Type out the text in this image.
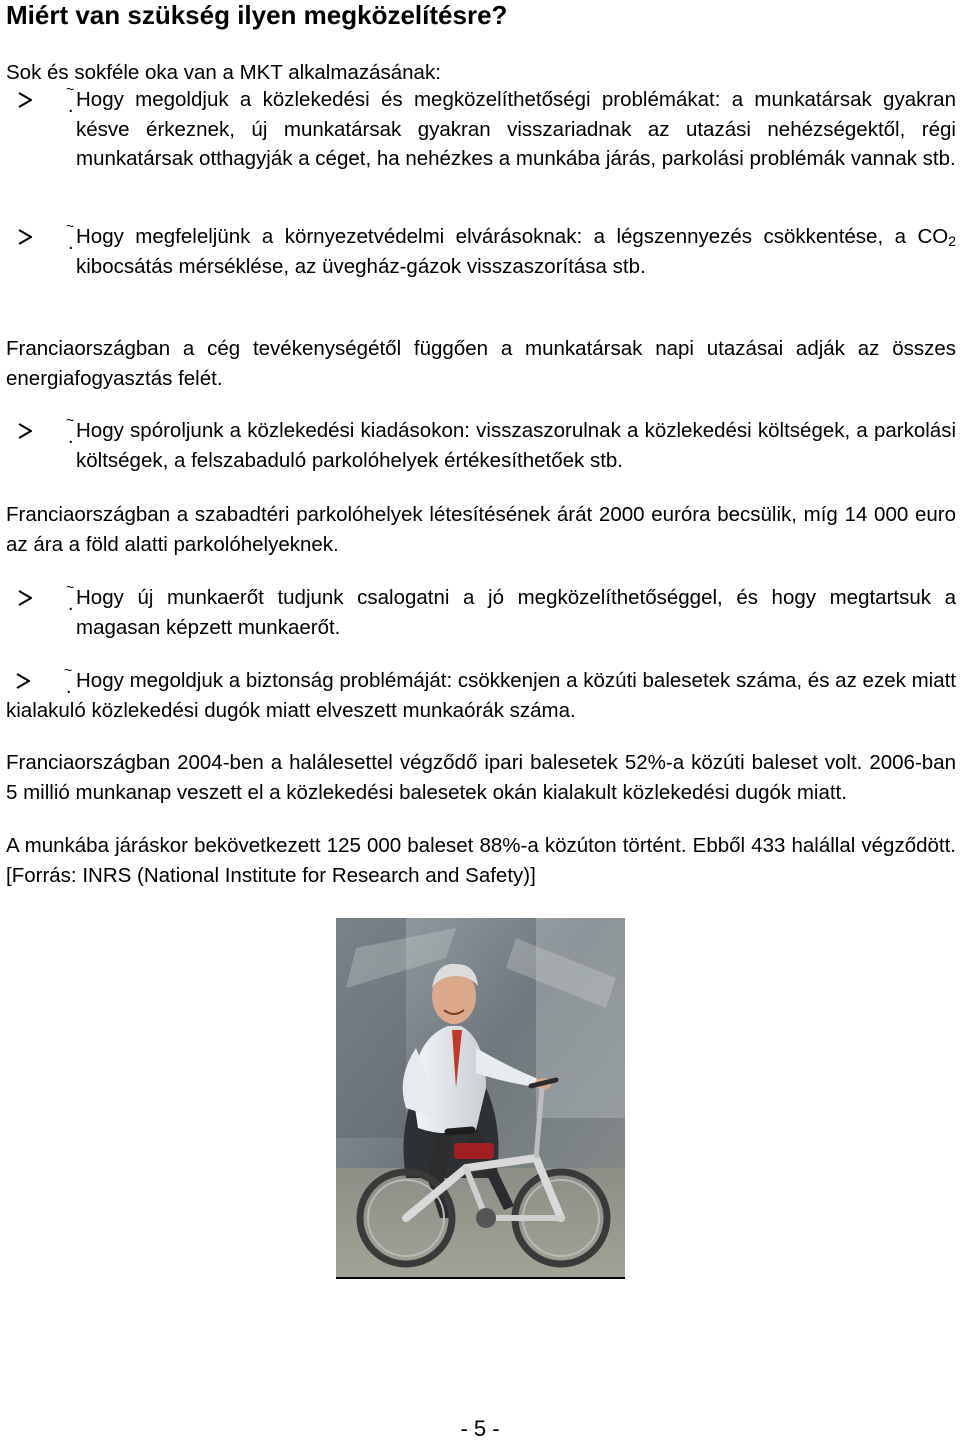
Miért van szükség ilyen megközelítésre?
Sok és sokféle oka van a MKT alkalmazásának:
~
. Hogy megoldjuk a közlekedési és megközelíthetőségi problémákat: a munkatársak gyakran késve érkeznek, új munkatársak gyakran visszariadnak az utazási nehézségektől, régi munkatársak otthagyják a céget, ha nehézkes a munkába járás, parkolási problémák vannak stb.
~
. Hogy megfeleljünk a környezetvédelmi elvárásoknak: a légszennyezés csökkentése, a $CO_2$ kibocsátás mérséklése, az üvegház-gázok visszaszorítása stb.
Franciaországban a cég tevékenységétől függően a munkatársak napi utazásai adják az összes energiafogyasztás felét.
~
. Hogy spóroljunk a közlekedési kiadásokon: visszaszorulnak a közlekedési költségek, a parkolási költségek, a felszabaduló parkolóhelyek értékesíthetőek stb.
Franciaországban a szabadtéri parkolóhelyek létesítésének árát 2000 euróra becsülik, míg 14 000 euro az ára a föld alatti parkolóhelyeknek.
~
. Hogy új munkaerőt tudjunk csalogatni a jó megközelíthetőséggel, és hogy megtartsuk a magasan képzett munkaerőt.
~
. Hogy megoldjuk a biztonság problémáját: csökkenjen a közúti balesetek száma, és az ezek miatt kialakuló közlekedési dugók miatt elveszett munkaórák száma.
Franciaországban 2004-ben a halálesettel végződő ipari balesetek 52%-a közúti baleset volt. 2006-ban 5 millió munkanap veszett el a közlekedési balesetek okán kialakult közlekedési dugók miatt.
A munkába járáskor bekövetkezett 125 000 baleset 88%-a közúton történt. Ebből 433 halállal végződött. [Forrás: INRS (National Institute for Research and Safety)]
- 5 -
